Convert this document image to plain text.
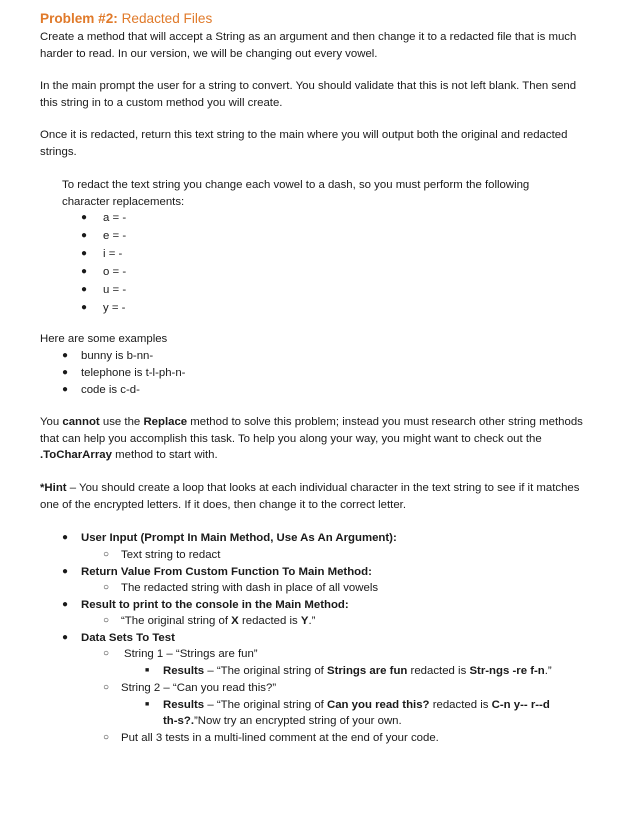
Problem #2: Redacted Files

Create a method that will accept a String as an argument and then change it to a redacted file that is much harder to read. In our version, we will be changing out every vowel.

In the main prompt the user for a string to convert. You should validate that this is not left blank. Then send this string in to a custom method you will create.

Once it is redacted, return this text string to the main where you will output both the original and redacted strings.

To redact the text string you change each vowel to a dash, so you must perform the following character replacements:

● a = -
● e = -
● i = -
● o = -
● u = -
● y = -
Here are some examples
● bunny is b-nn-
● telephone is t-l-ph-n-
● code is c-d-

You cannot use the Replace method to solve this problem; instead you must research other string methods that can help you accomplish this task. To help you along your way, you might want to check out the .ToCharArray method to start with.

*Hint – You should create a loop that looks at each individual character in the text string to see if it matches one of the encrypted letters. If it does, then change it to the correct letter.

● User Input (Prompt In Main Method, Use As An Argument):
○ Text string to redact
● Return Value From Custom Function To Main Method:
○ The redacted string with dash in place of all vowels
● Result to print to the console in the Main Method:
○ “The original string of X redacted is Y.”
● Data Sets To Test
○ String 1 – “Strings are fun”
■ Results – “The original string of Strings are fun redacted is Str-ngs -re f-n.”
○ String 2 – “Can you read this?”
■ Results – “The original string of Can you read this? redacted is C-n y-- r--d
th-s?.”Now try an encrypted string of your own.
○ Put all 3 tests in a multi-lined comment at the end of your code.
